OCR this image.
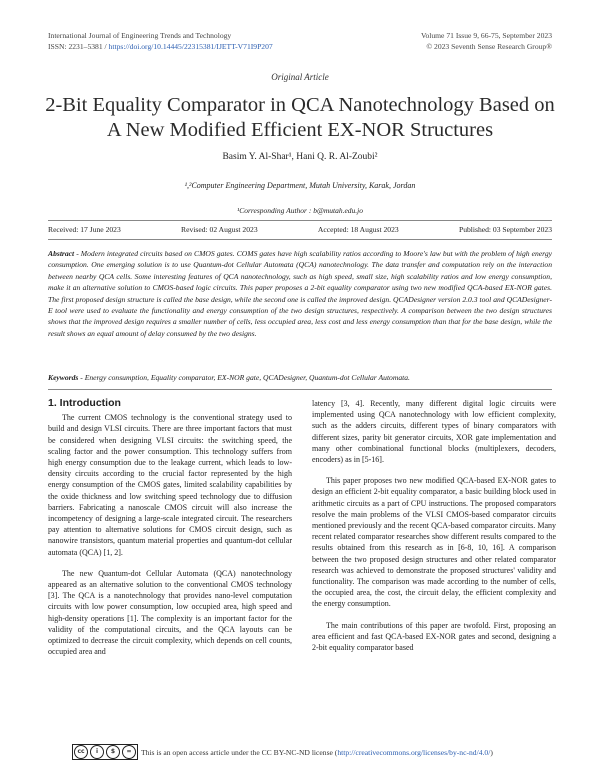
International Journal of Engineering Trends and Technology
ISSN: 2231–5381 / https://doi.org/10.14445/22315381/IJETT-V71I9P207
Volume 71 Issue 9, 66-75, September 2023
© 2023 Seventh Sense Research Group®
Original Article
2-Bit Equality Comparator in QCA Nanotechnology Based on A New Modified Efficient EX-NOR Structures
Basim Y. Al-Shar¹, Hani Q. R. Al-Zoubi²
¹,²Computer Engineering Department, Mutah University, Karak, Jordan
¹Corresponding Author : b@mutah.edu.jo
Received: 17 June 2023	Revised: 02 August 2023	Accepted: 18 August 2023	Published: 03 September 2023

Abstract - Modern integrated circuits based on CMOS gates. COMS gates have high scalability ratios according to Moore's law but with the problem of high energy consumption. One emerging solution is to use Quantum-dot Cellular Automata (QCA) nanotechnology. The data transfer and computation rely on the interaction between nearby QCA cells. Some interesting features of QCA nanotechnology, such as high speed, small size, high scalability ratios and low energy consumption, make it an alternative solution to CMOS-based logic circuits. This paper proposes a 2-bit equality comparator using two new modified QCA-based EX-NOR gates. The first proposed design structure is called the base design, while the second one is called the improved design. QCADesigner version 2.0.3 tool and QCADesigner-E tool were used to evaluate the functionality and energy consumption of the two design structures, respectively. A comparison between the two design structures shows that the improved design requires a smaller number of cells, less occupied area, less cost and less energy consumption than that for the base design, while the result shows an equal amount of delay consumed by the two designs.

Keywords - Energy consumption, Equality comparator, EX-NOR gate, QCADesigner, Quantum-dot Cellular Automata.

1. Introduction

The current CMOS technology is the conventional strategy used to build and design VLSI circuits. There are three important factors that must be considered when designing VLSI circuits: the switching speed, the scaling factor and the power consumption. This technology suffers from high energy consumption due to the leakage current, which leads to low-density circuits according to the crucial factor represented by the high energy consumption of the CMOS gates, limited scalability capabilities by the oxide thickness and low switching speed technology due to diffusion barriers. Fabricating a nanoscale CMOS circuit will also increase the incompetency of designing a large-scale integrated circuit. The researchers pay attention to alternative solutions for CMOS circuit design, such as nanowire transistors, quantum material properties and quantum-dot cellular automata (QCA) [1, 2].

The new Quantum-dot Cellular Automata (QCA) nanotechnology appeared as an alternative solution to the conventional CMOS technology [3]. The QCA is a nanotechnology that provides nano-level computation circuits with low power consumption, low occupied area, high speed and high-density operations [1]. The complexity is an important factor for the validity of the computational circuits, and the QCA layouts can be optimized to decrease the circuit complexity, which depends on cell counts, occupied area and

latency [3, 4]. Recently, many different digital logic circuits were implemented using QCA nanotechnology with low efficient complexity, such as the adders circuits, different types of binary comparators with different sizes, parity bit generator circuits, XOR gate implementation and many other combinational functional blocks (multiplexers, decoders, encoders) as in [5-16].

This paper proposes two new modified QCA-based EX-NOR gates to design an efficient 2-bit equality comparator, a basic building block used in arithmetic circuits as a part of CPU instructions. The proposed comparators resolve the main problems of the VLSI CMOS-based comparator circuits mentioned previously and the recent QCA-based comparator circuits. Many recent related comparator researches show different results compared to the results obtained from this research as in [6-8, 10, 16]. A comparison between the two proposed design structures and other related comparator research was achieved to demonstrate the proposed structures' validity and functionality. The comparison was made according to the number of cells, the occupied area, the cost, the circuit delay, the efficient complexity and the energy consumption.

The main contributions of this paper are twofold. First, proposing an area efficient and fast QCA-based EX-NOR gates and second, designing a 2-bit equality comparator based

cc	i	$	=	This is an open access article under the CC BY-NC-ND license ( http://creativecommons.org/licenses/by-nc-nd/4.0/ )
